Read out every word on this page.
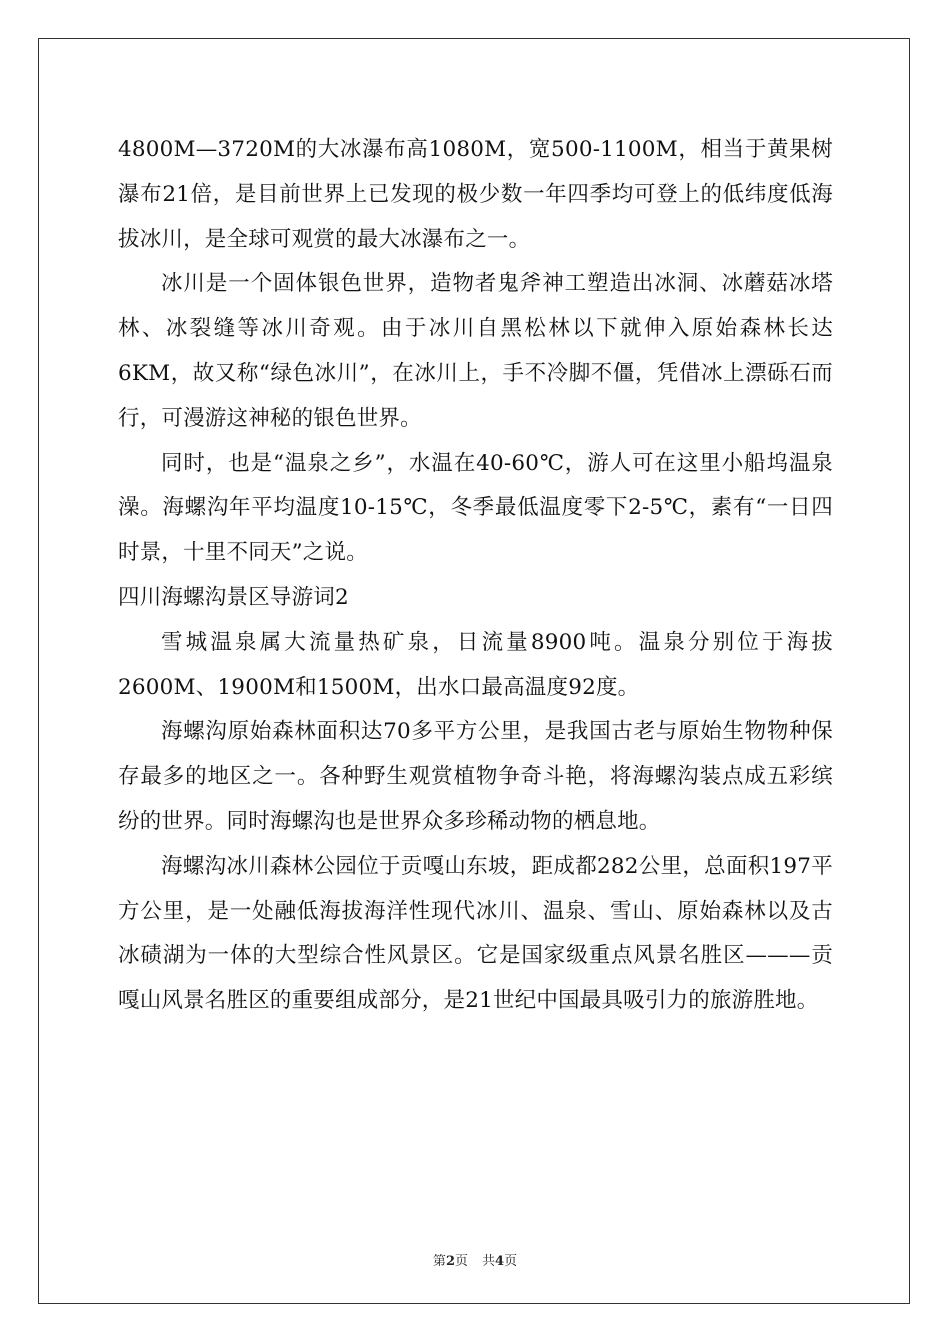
4800M—3720M的大冰瀑布高1080M，宽500-1100M，相当于黄果树瀑布21倍，是目前世界上已发现的极少数一年四季均可登上的低纬度低海拔冰川，是全球可观赏的最大冰瀑布之一。

冰川是一个固体银色世界，造物者鬼斧神工塑造出冰洞、冰蘑菇冰塔林、冰裂缝等冰川奇观。由于冰川自黑松林以下就伸入原始森林长达6KM，故又称“绿色冰川”，在冰川上，手不冷脚不僵，凭借冰上漂砾石而行，可漫游这神秘的银色世界。

同时，也是“温泉之乡”，水温在40-60℃，游人可在这里小船坞温泉澡。海螺沟年平均温度10-15℃，冬季最低温度零下2-5℃，素有“一日四时景，十里不同天”之说。

四川海螺沟景区导游词2

雪城温泉属大流量热矿泉，日流量8900吨。温泉分别位于海拔2600M、1900M和1500M，出水口最高温度92度。

海螺沟原始森林面积达70多平方公里，是我国古老与原始生物物种保存最多的地区之一。各种野生观赏植物争奇斗艳，将海螺沟装点成五彩缤纷的世界。同时海螺沟也是世界众多珍稀动物的栖息地。

海螺沟冰川森林公园位于贡嘎山东坡，距成都282公里，总面积197平方公里，是一处融低海拔海洋性现代冰川、温泉、雪山、原始森林以及古冰碛湖为一体的大型综合性风景区。它是国家级重点风景名胜区———贡嘎山风景名胜区的重要组成部分，是21世纪中国最具吸引力的旅游胜地。

第2页 共4页
